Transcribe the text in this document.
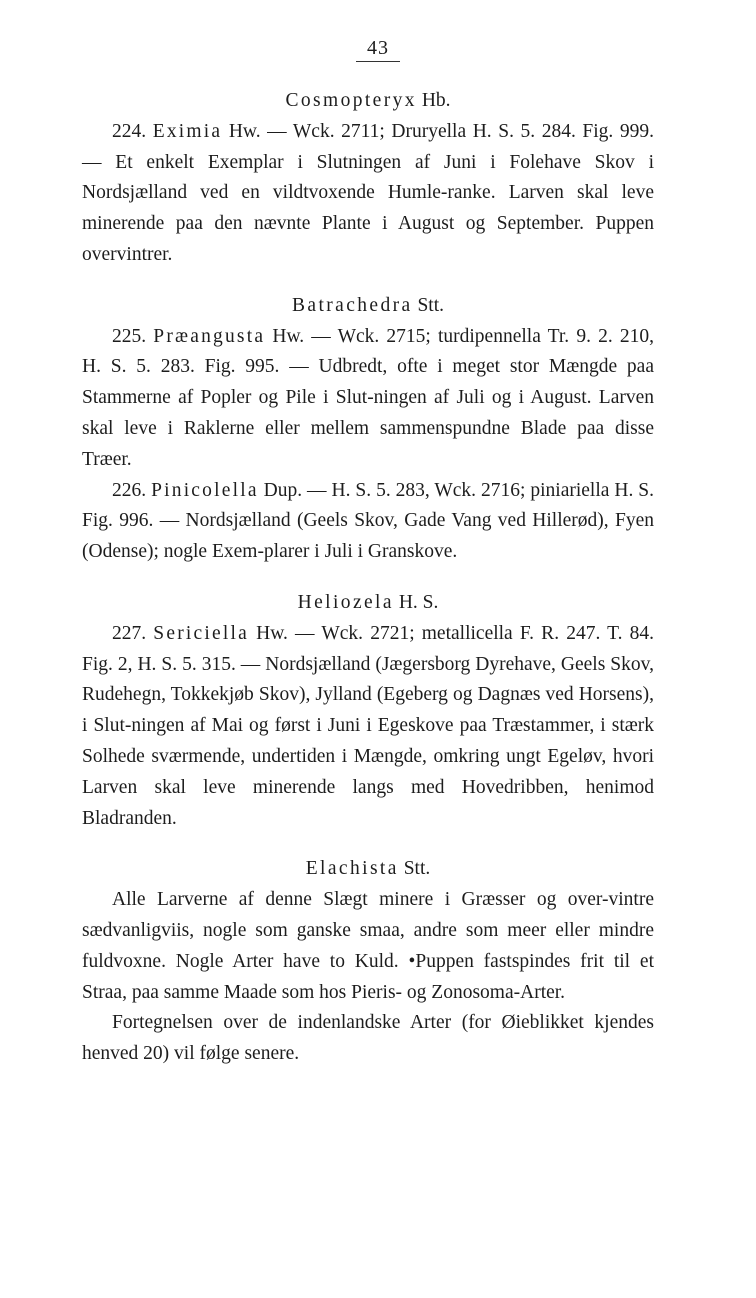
43

Cosmopteryx Hb.

224. Eximia Hw. — Wck. 2711; Druryella H. S. 5. 284. Fig. 999. — Et enkelt Exemplar i Slutningen af Juni i Folehave Skov i Nordsjælland ved en vildtvoxende Humle-ranke. Larven skal leve minerende paa den nævnte Plante i August og September. Puppen overvintrer.

Batrachedra Stt.

225. Præangusta Hw. — Wck. 2715; turdipennella Tr. 9. 2. 210, H. S. 5. 283. Fig. 995. — Udbredt, ofte i meget stor Mængde paa Stammerne af Popler og Pile i Slut-ningen af Juli og i August. Larven skal leve i Raklerne eller mellem sammenspundne Blade paa disse Træer.

226. Pinicolella Dup. — H. S. 5. 283, Wck. 2716; piniariella H. S. Fig. 996. — Nordsjælland (Geels Skov, Gade Vang ved Hillerød), Fyen (Odense); nogle Exem-plarer i Juli i Granskove.

Heliozela H. S.

227. Sericiella Hw. — Wck. 2721; metallicella F. R. 247. T. 84. Fig. 2, H. S. 5. 315. — Nordsjælland (Jægersborg Dyrehave, Geels Skov, Rudehegn, Tokkekjøb Skov), Jylland (Egeberg og Dagnæs ved Horsens), i Slut-ningen af Mai og først i Juni i Egeskove paa Træstammer, i stærk Solhede sværmende, undertiden i Mængde, omkring ungt Egeløv, hvori Larven skal leve minerende langs med Hovedribben, henimod Bladranden.

Elachista Stt.

Alle Larverne af denne Slægt minere i Græsser og over-vintre sædvanligviis, nogle som ganske smaa, andre som meer eller mindre fuldvoxne. Nogle Arter have to Kuld. •Puppen fastspindes frit til et Straa, paa samme Maade som hos Pieris- og Zonosoma-Arter.

Fortegnelsen over de indenlandske Arter (for Øieblikket kjendes henved 20) vil følge senere.
